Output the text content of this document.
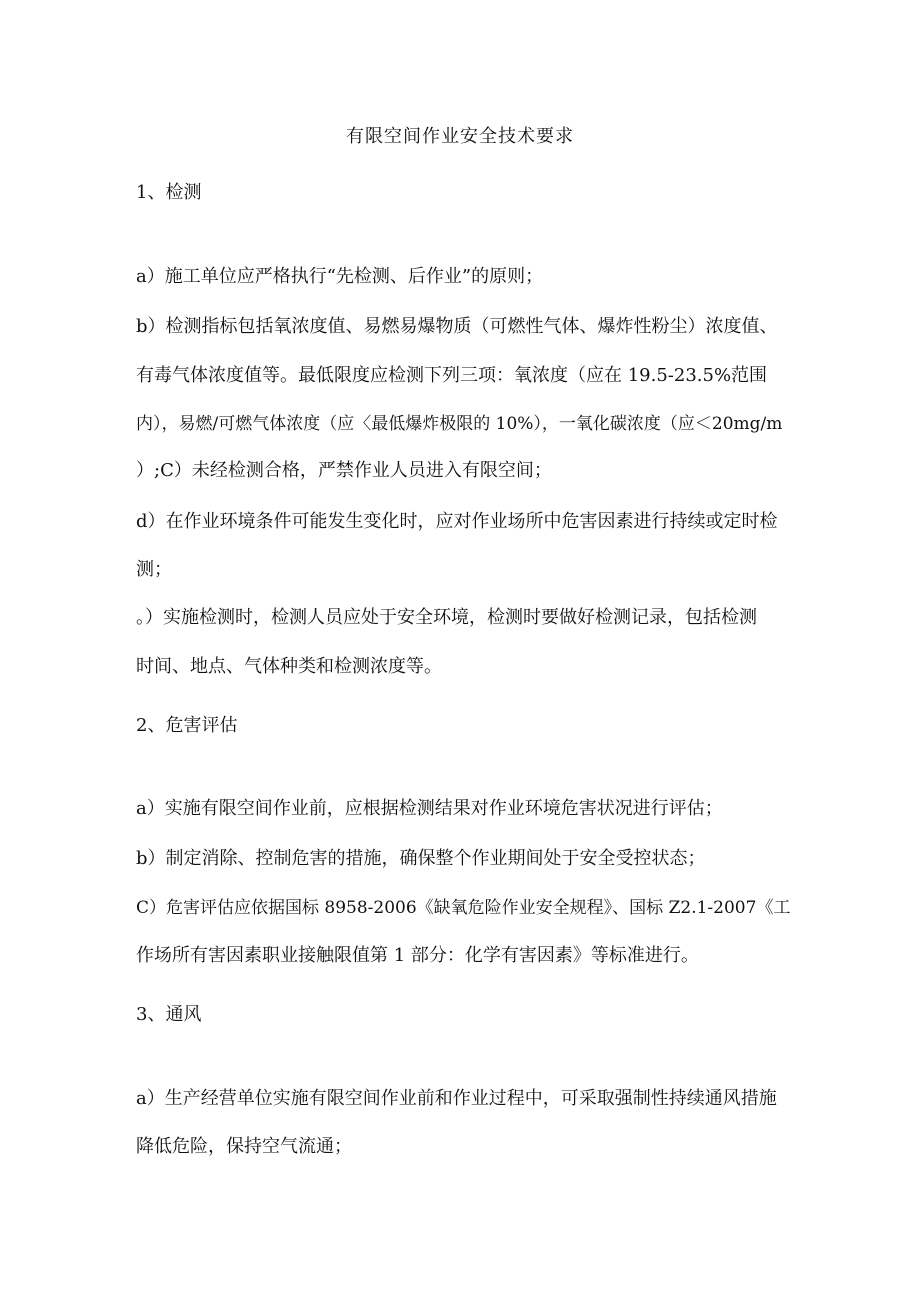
有限空间作业安全技术要求
1、检测
a）施工单位应严格执行“先检测、后作业”的原则；
b）检测指标包括氧浓度值、易燃易爆物质（可燃性气体、爆炸性粉尘）浓度值、
有毒气体浓度值等。最低限度应检测下列三项：氧浓度（应在 19.5-23.5%范围
内），易燃/可燃气体浓度（应〈最低爆炸极限的 10%），一氧化碳浓度（应＜20mg∕m
）;C）未经检测合格，严禁作业人员进入有限空间；
d）在作业环境条件可能发生变化时，应对作业场所中危害因素进行持续或定时检
测；
。）实施检测时，检测人员应处于安全环境，检测时要做好检测记录，包括检测
时间、地点、气体种类和检测浓度等。
2、危害评估
a）实施有限空间作业前，应根据检测结果对作业环境危害状况进行评估；
b）制定消除、控制危害的措施，确保整个作业期间处于安全受控状态；
C）危害评估应依据国标 8958-2006《缺氧危险作业安全规程》、国标 Z2.1-2007《工
作场所有害因素职业接触限值第 1 部分：化学有害因素》等标准进行。
3、通风
a）生产经营单位实施有限空间作业前和作业过程中，可采取强制性持续通风措施
降低危险，保持空气流通；
